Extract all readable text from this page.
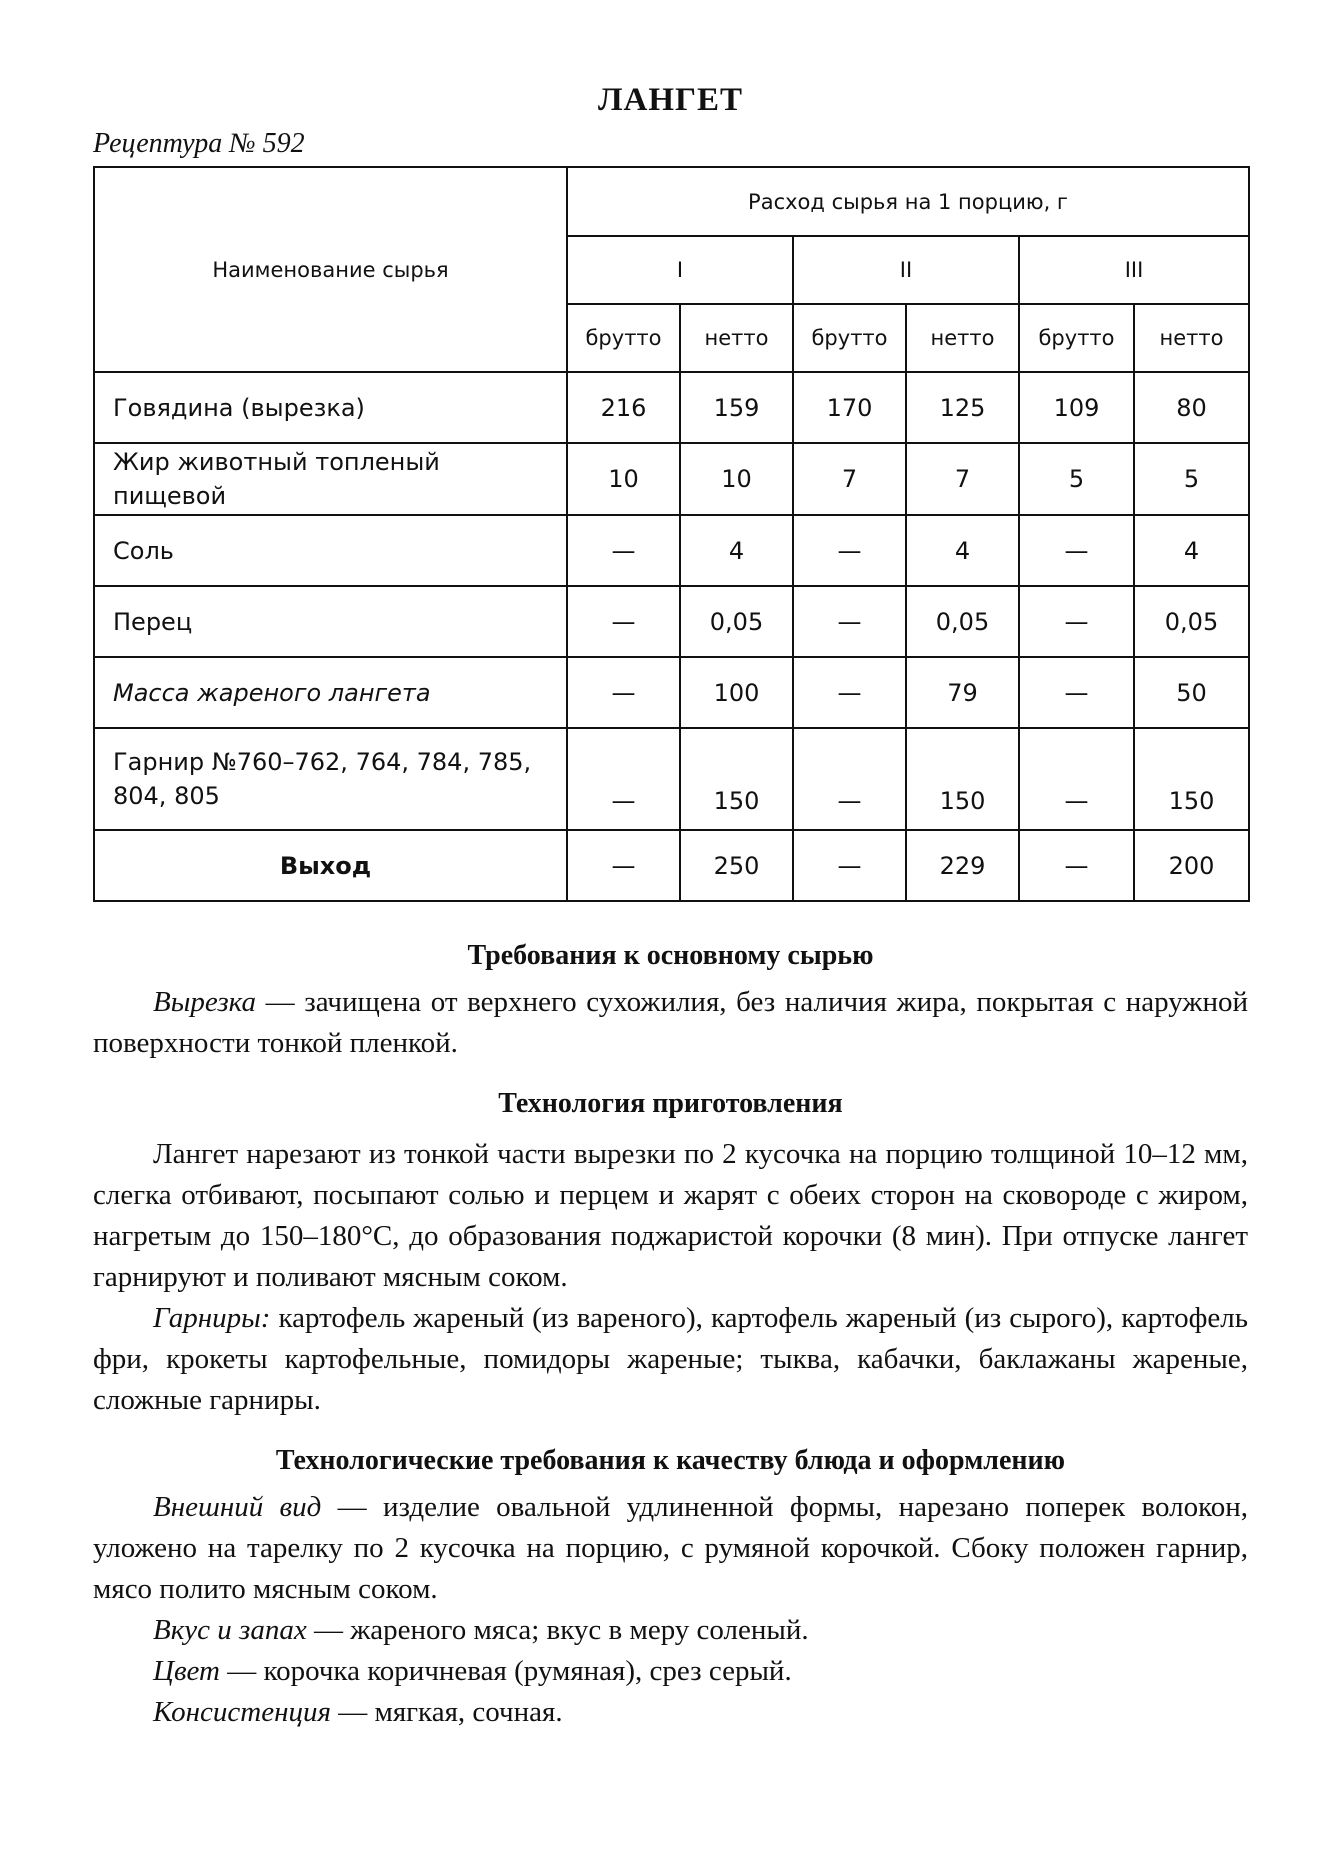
ЛАНГЕТ
Рецептура № 592
Наименование сырья	Расход сырья на 1 порцию, г					
	I		II		III	
	брутто	нетто	брутто	нетто	брутто	нетто
Говядина (вырезка)	216	159	170	125	109	80
Жир животный топленый пищевой	10	10	7	7	5	5
Соль	—	4	—	4	—	4
Перец	—	0,05	—	0,05	—	0,05
Масса жареного лангета	—	100	—	79	—	50
Гарнир №760–762, 764, 784, 785, 804, 805	—	150	—	150	—	150
Выход	—	250	—	229	—	200
Требования к основному сырью

Вырезка — зачищена от верхнего сухожилия, без наличия жира, покрытая с наружной поверхности тонкой пленкой.

Технология приготовления

Лангет нарезают из тонкой части вырезки по 2 кусочка на порцию толщиной 10–12 мм, слегка отбивают, посыпают солью и перцем и жарят с обеих сторон на сковороде с жиром, нагретым до 150–180°С, до образования поджаристой корочки (8 мин). При отпуске лангет гарнируют и поливают мясным соком.

Гарниры: картофель жареный (из вареного), картофель жареный (из сырого), картофель фри, крокеты картофельные, помидоры жареные; тыква, кабачки, баклажаны жареные, сложные гарниры.

Технологические требования к качеству блюда и оформлению

Внешний вид — изделие овальной удлиненной формы, нарезано поперек волокон, уложено на тарелку по 2 кусочка на порцию, с румяной корочкой. Сбоку положен гарнир, мясо полито мясным соком.

Вкус и запах — жареного мяса; вкус в меру соленый.

Цвет — корочка коричневая (румяная), срез серый.

Консистенция — мягкая, сочная.
